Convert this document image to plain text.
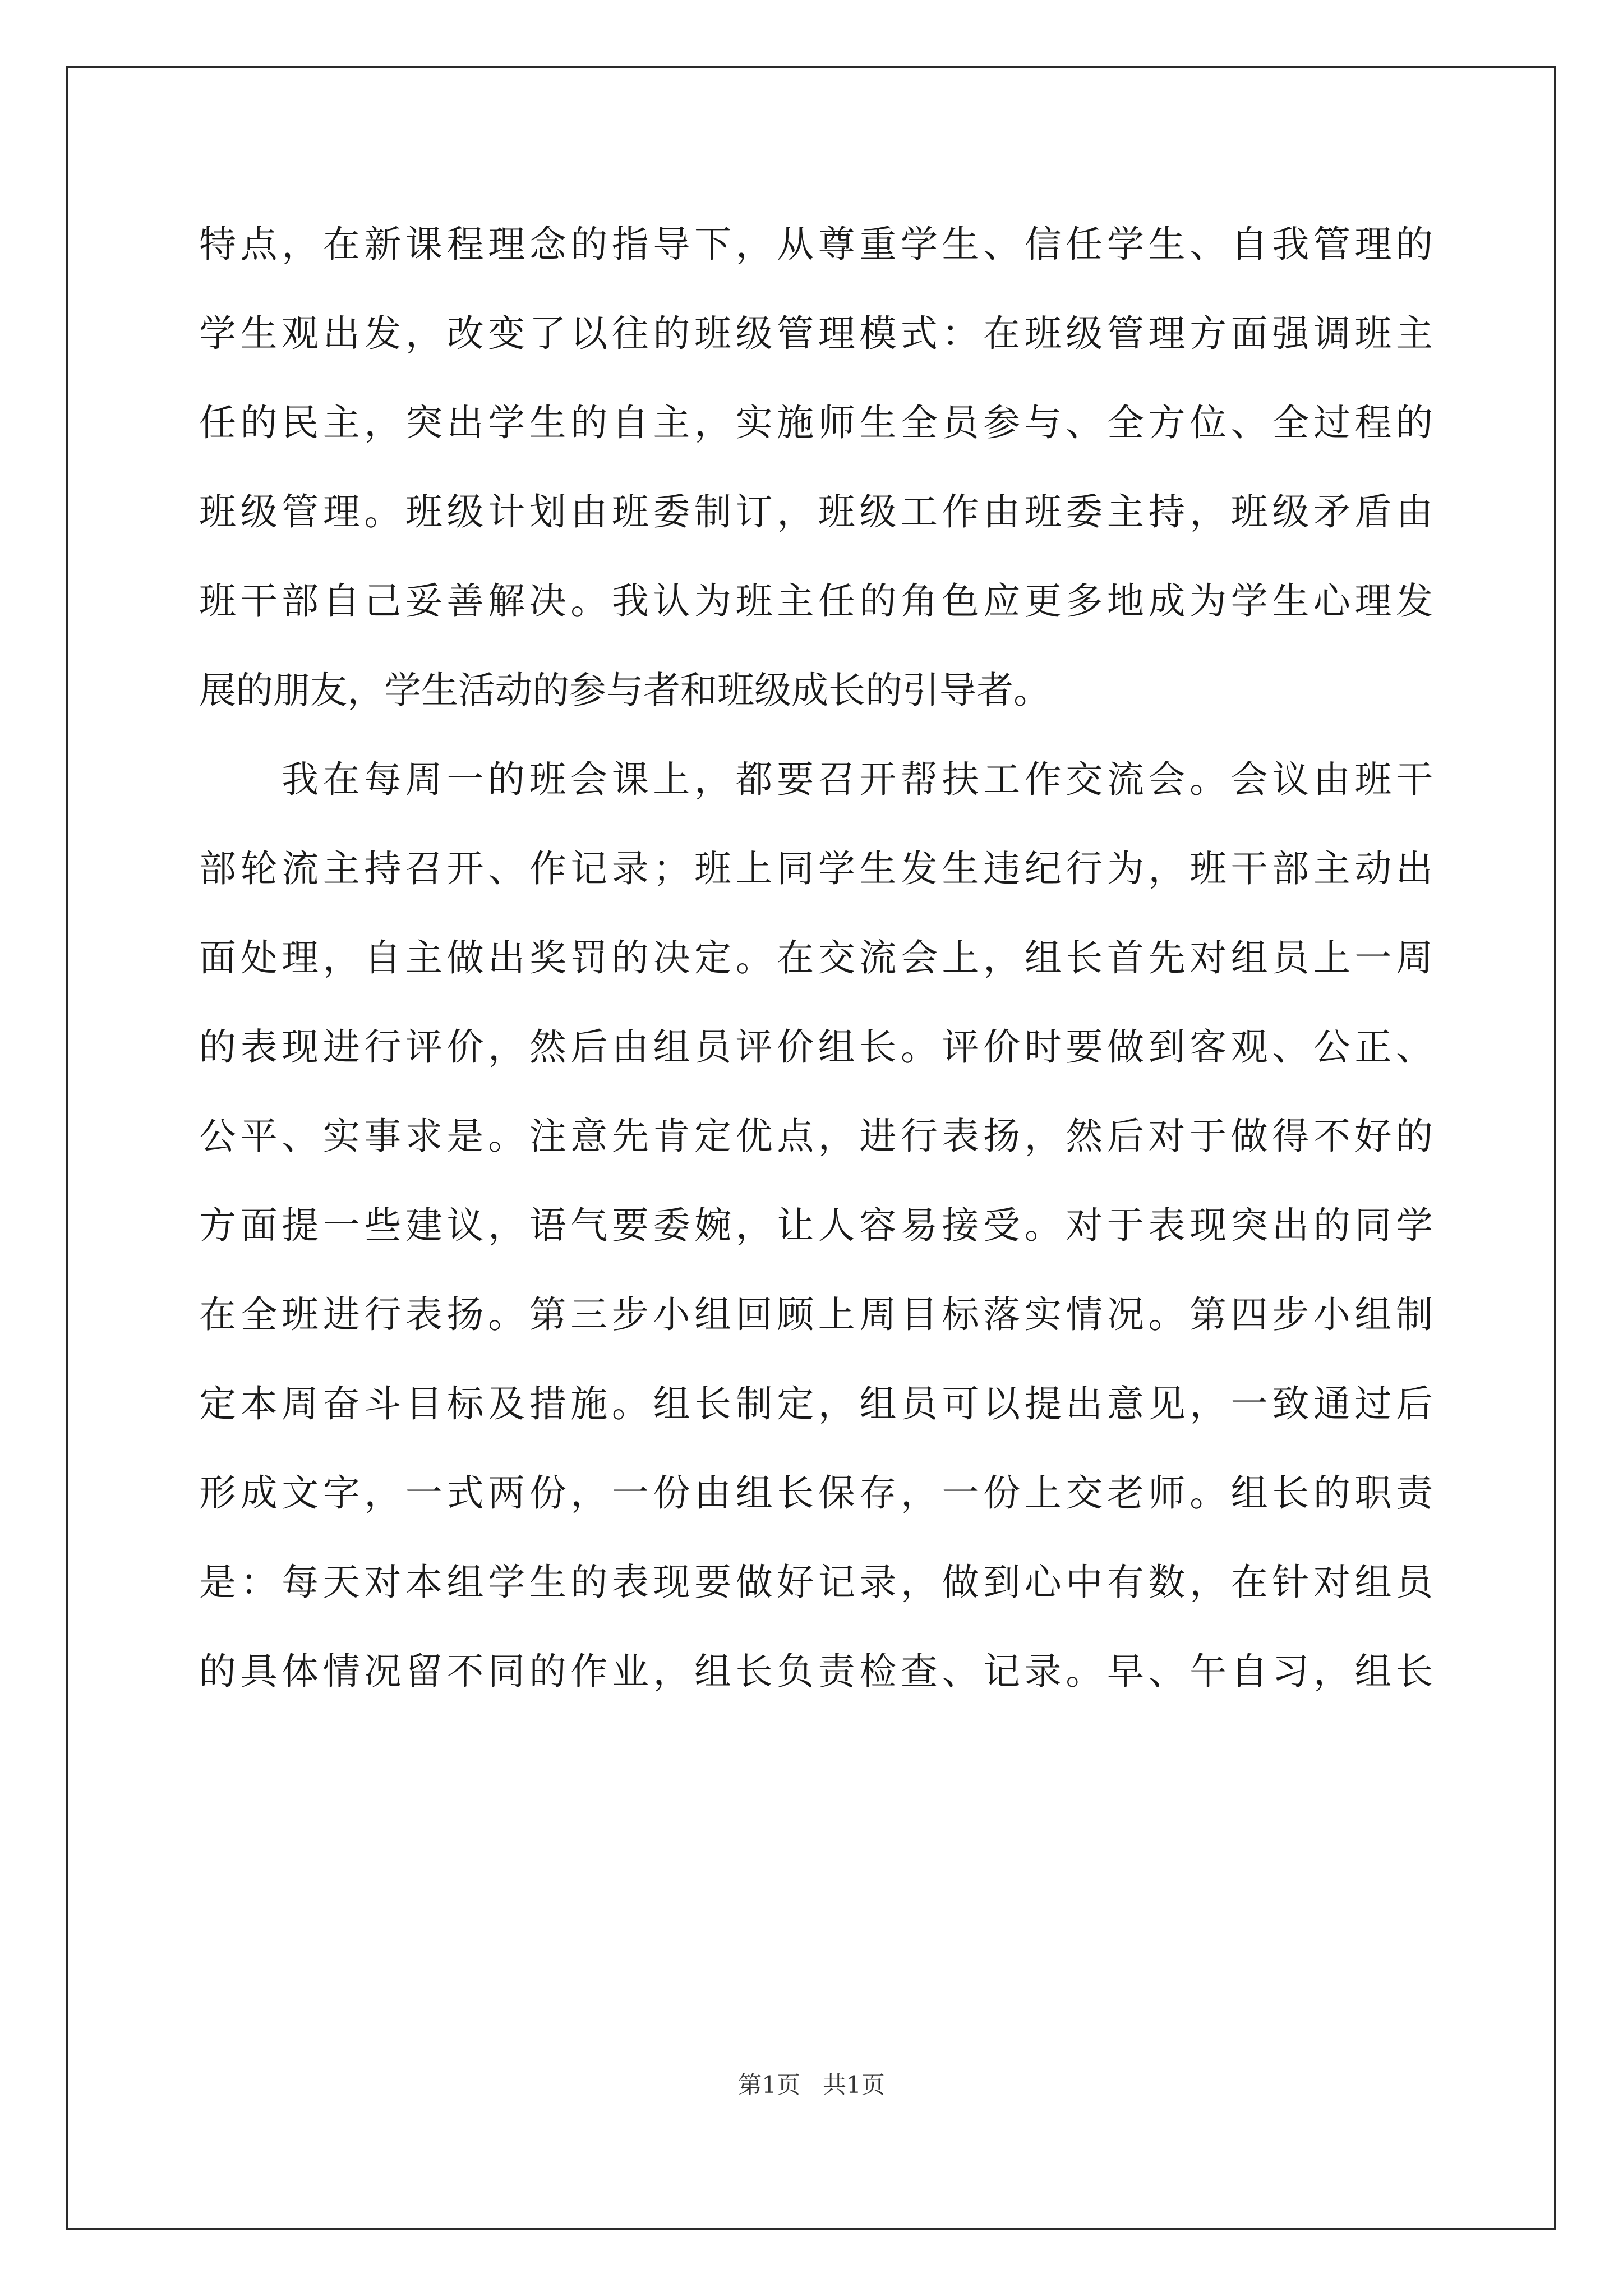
特点，在新课程理念的指导下，从尊重学生、信任学生、自我管理的
学生观出发，改变了以往的班级管理模式：在班级管理方面强调班主
任的民主，突出学生的自主，实施师生全员参与、全方位、全过程的
班级管理。班级计划由班委制订，班级工作由班委主持，班级矛盾由
班干部自己妥善解决。我认为班主任的角色应更多地成为学生心理发
展的朋友，学生活动的参与者和班级成长的引导者。
我在每周一的班会课上，都要召开帮扶工作交流会。会议由班干
部轮流主持召开、作记录；班上同学生发生违纪行为，班干部主动出
面处理，自主做出奖罚的决定。在交流会上，组长首先对组员上一周
的表现进行评价，然后由组员评价组长。评价时要做到客观、公正、
公平、实事求是。注意先肯定优点，进行表扬，然后对于做得不好的
方面提一些建议，语气要委婉，让人容易接受。对于表现突出的同学
在全班进行表扬。第三步小组回顾上周目标落实情况。第四步小组制
定本周奋斗目标及措施。组长制定，组员可以提出意见，一致通过后
形成文字，一式两份，一份由组长保存，一份上交老师。组长的职责
是：每天对本组学生的表现要做好记录，做到心中有数，在针对组员
的具体情况留不同的作业，组长负责检查、记录。早、午自习，组长
第1页 共1页
